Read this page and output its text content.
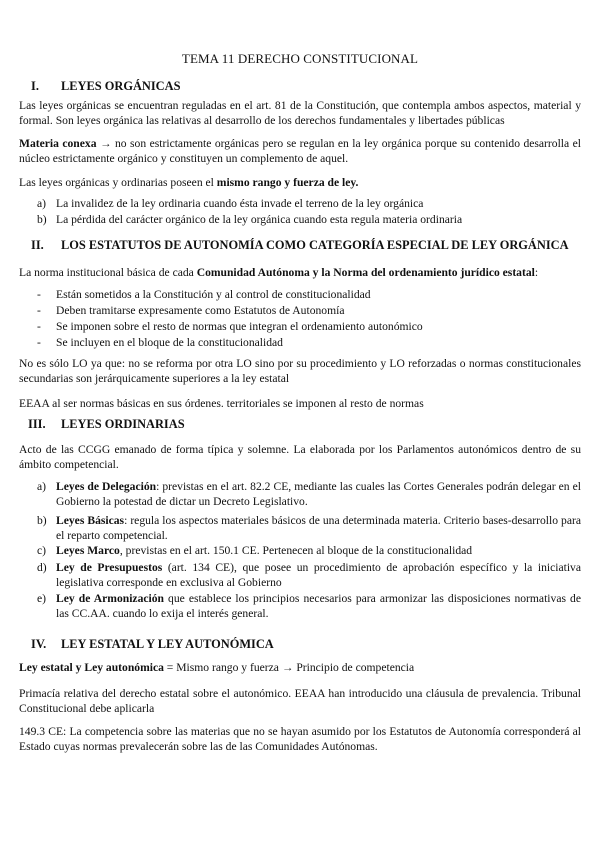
TEMA 11 DERECHO CONSTITUCIONAL
I. LEYES ORGÁNICAS
Las leyes orgánicas se encuentran reguladas en el art. 81 de la Constitución, que contempla ambos aspectos, material y formal. Son leyes orgánica las relativas al desarrollo de los derechos fundamentales y libertades públicas
Materia conexa → no son estrictamente orgánicas pero se regulan en la ley orgánica porque su contenido desarrolla el núcleo estrictamente orgánico y constituyen un complemento de aquel.
Las leyes orgánicas y ordinarias poseen el mismo rango y fuerza de ley.
a) La invalidez de la ley ordinaria cuando ésta invade el terreno de la ley orgánica
b) La pérdida del carácter orgánico de la ley orgánica cuando esta regula materia ordinaria
II. LOS ESTATUTOS DE AUTONOMÍA COMO CATEGORÍA ESPECIAL DE LEY ORGÁNICA
La norma institucional básica de cada Comunidad Autónoma y la Norma del ordenamiento jurídico estatal:
- Están sometidos a la Constitución y al control de constitucionalidad
- Deben tramitarse expresamente como Estatutos de Autonomía
- Se imponen sobre el resto de normas que integran el ordenamiento autonómico
- Se incluyen en el bloque de la constitucionalidad
No es sólo LO ya que: no se reforma por otra LO sino por su procedimiento y LO reforzadas o normas constitucionales secundarias son jerárquicamente superiores a la ley estatal
EEAA al ser normas básicas en sus órdenes. territoriales se imponen al resto de normas
III. LEYES ORDINARIAS
Acto de las CCGG emanado de forma típica y solemne. La elaborada por los Parlamentos autonómicos dentro de su ámbito competencial.
a) Leyes de Delegación: previstas en el art. 82.2 CE, mediante las cuales las Cortes Generales podrán delegar en el Gobierno la potestad de dictar un Decreto Legislativo.
b) Leyes Básicas: regula los aspectos materiales básicos de una determinada materia. Criterio bases-desarrollo para el reparto competencial.
c) Leyes Marco, previstas en el art. 150.1 CE. Pertenecen al bloque de la constitucionalidad
d) Ley de Presupuestos (art. 134 CE), que posee un procedimiento de aprobación específico y la iniciativa legislativa corresponde en exclusiva al Gobierno
e) Ley de Armonización que establece los principios necesarios para armonizar las disposiciones normativas de las CC.AA. cuando lo exija el interés general.
IV. LEY ESTATAL Y LEY AUTONÓMICA
Ley estatal y Ley autonómica = Mismo rango y fuerza → Principio de competencia
Primacía relativa del derecho estatal sobre el autonómico. EEAA han introducido una cláusula de prevalencia. Tribunal Constitucional debe aplicarla
149.3 CE: La competencia sobre las materias que no se hayan asumido por los Estatutos de Autonomía corresponderá al Estado cuyas normas prevalecerán sobre las de las Comunidades Autónomas.
